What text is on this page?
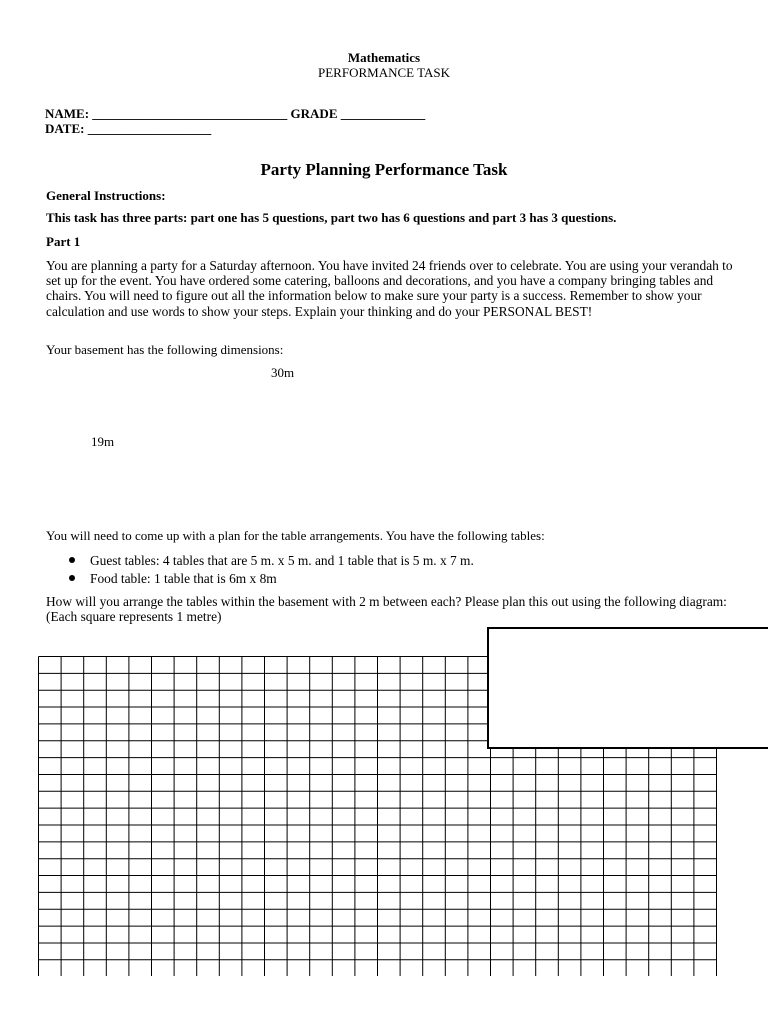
Mathematics
PERFORMANCE TASK
NAME: ______________________________ GRADE _____________
DATE: ___________________
Party Planning Performance Task
General Instructions:
This task has three parts: part one has 5 questions, part two has 6 questions and part 3 has 3 questions.
Part 1
You are planning a party for a Saturday afternoon. You have invited 24 friends over to celebrate. You are using your verandah to set up for the event. You have ordered some catering, balloons and decorations, and you have a company bringing tables and chairs. You will need to figure out all the information below to make sure your party is a success. Remember to show your calculation and use words to show your steps. Explain your thinking and do your PERSONAL BEST!
Your basement has the following dimensions:
30m
19m
You will need to come up with a plan for the table arrangements. You have the following tables:
Guest tables: 4 tables that are 5 m. x 5 m. and 1 table that is 5 m. x 7 m.
Food table: 1 table that is 6m x 8m
How will you arrange the tables within the basement with 2 m between each? Please plan this out using the following diagram: (Each square represents 1 metre)
